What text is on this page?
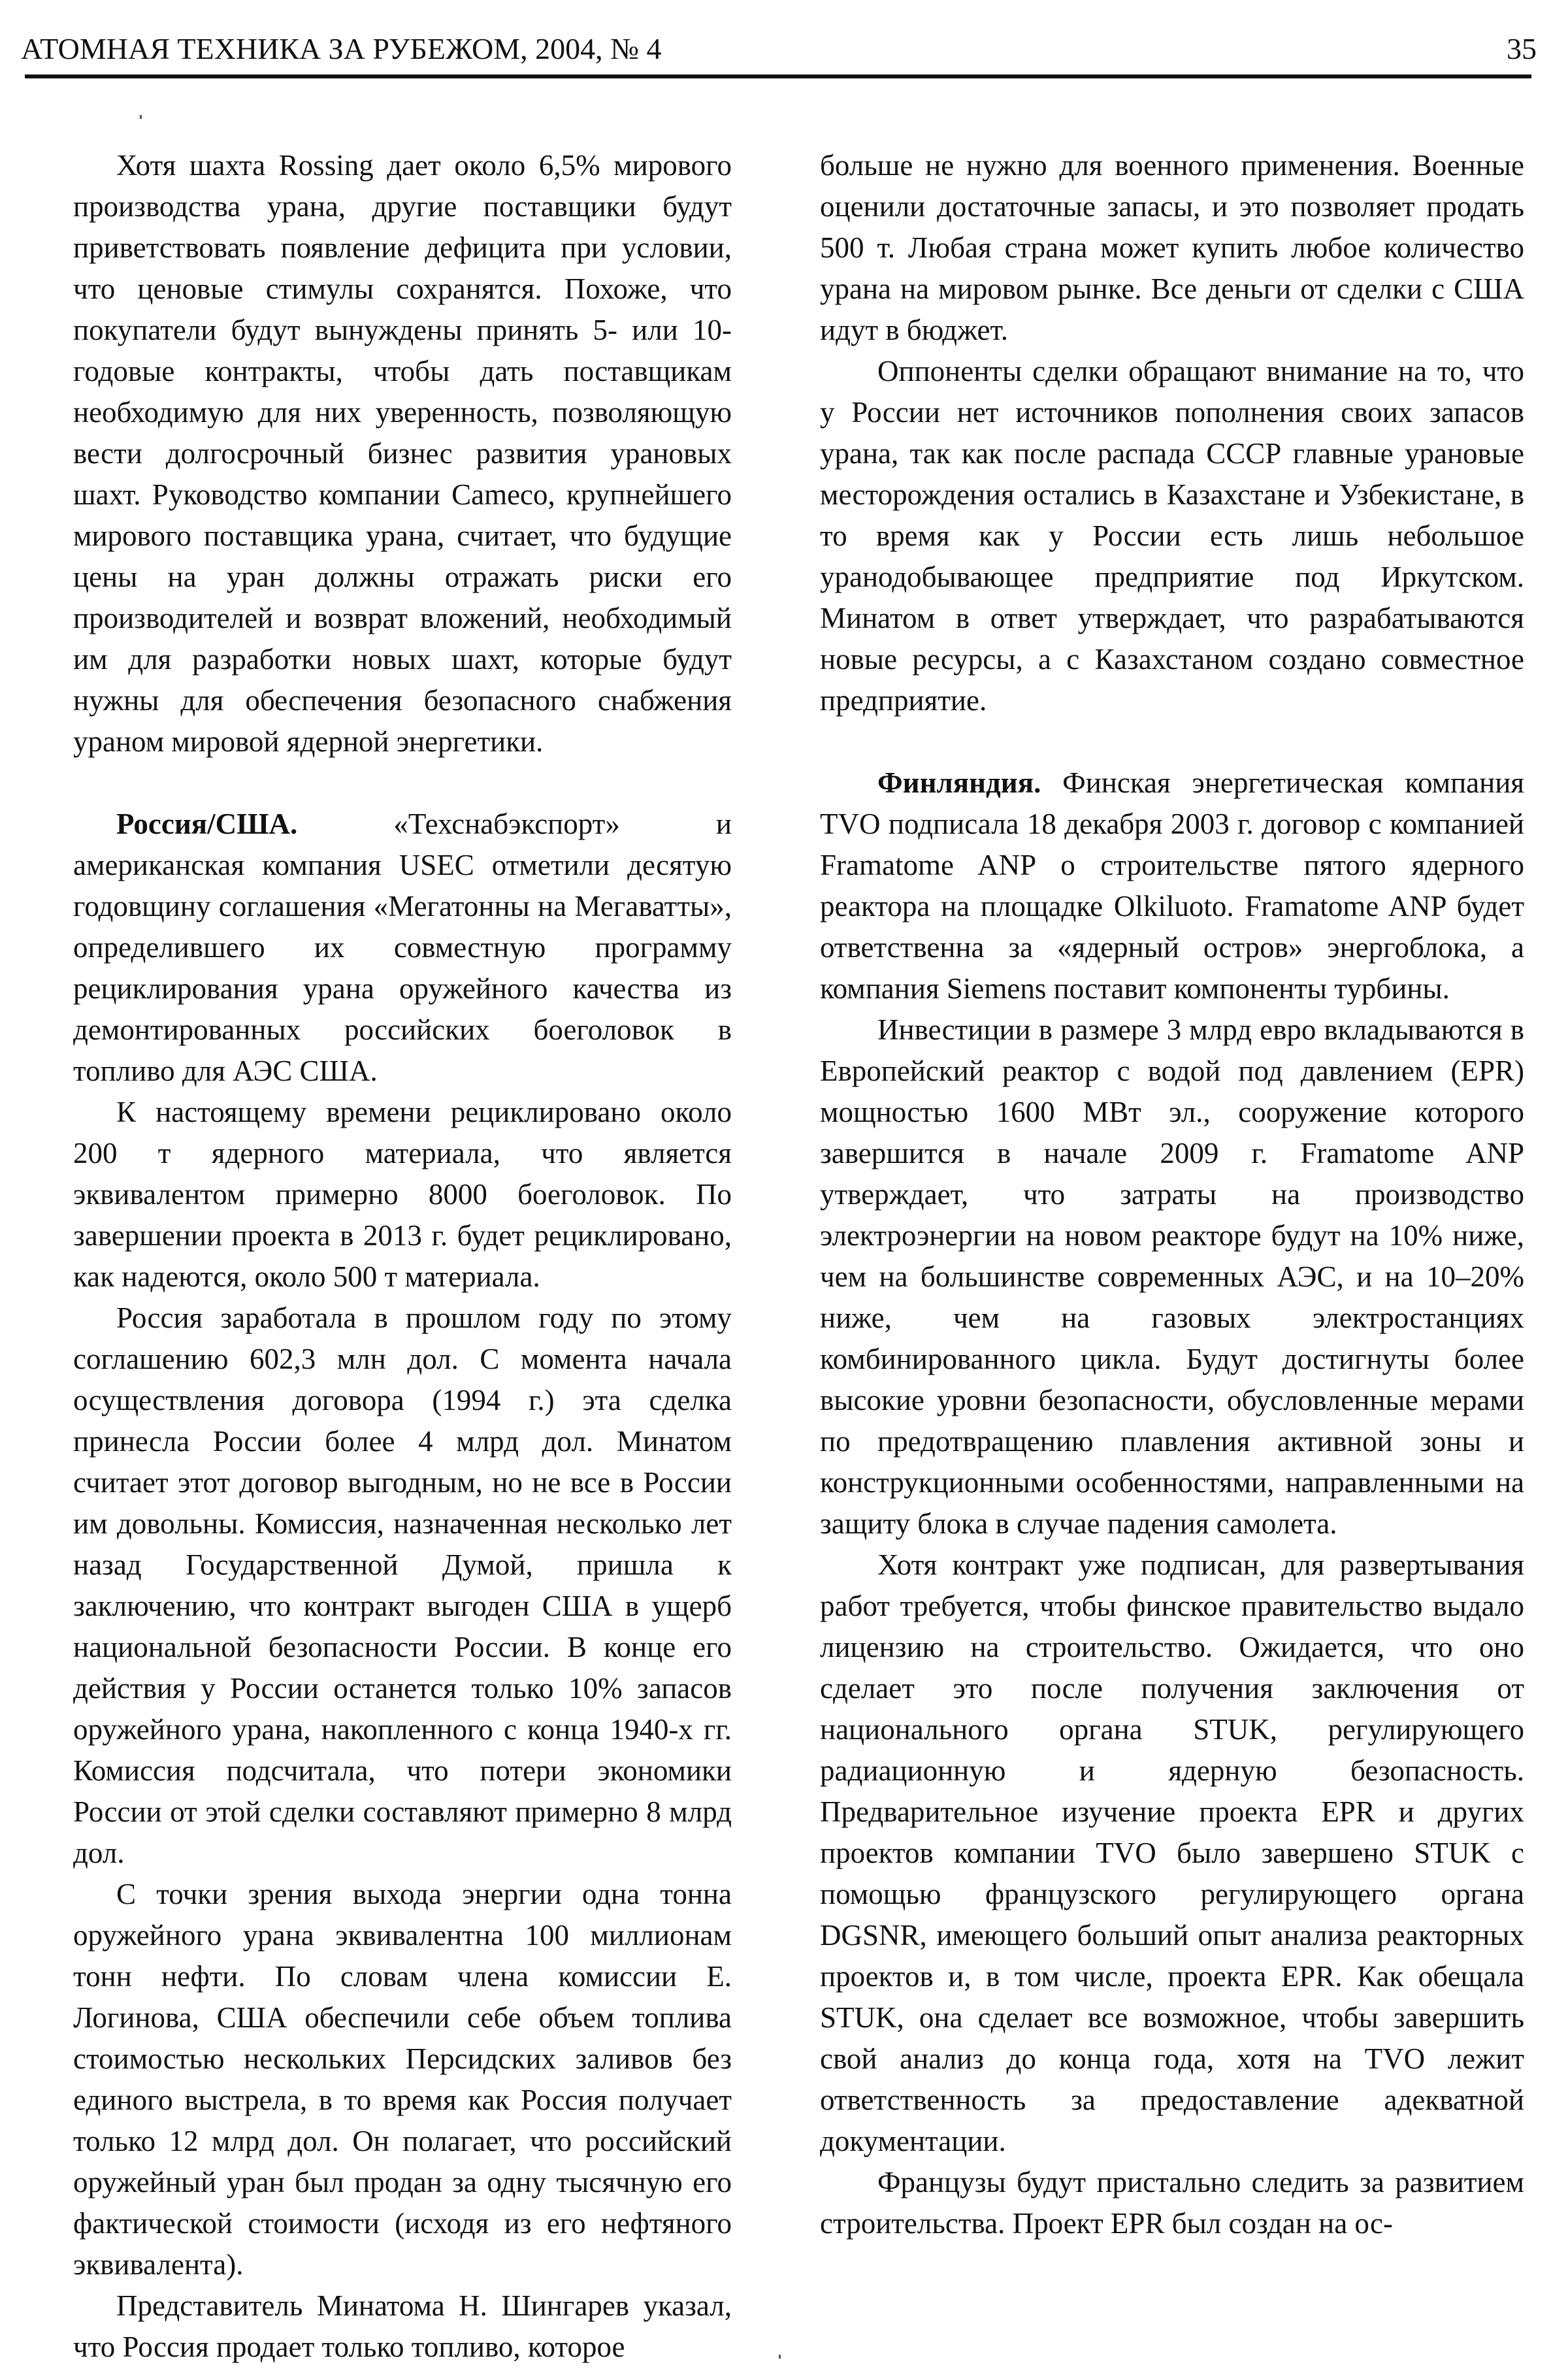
АТОМНАЯ ТЕХНИКА ЗА РУБЕЖОМ, 2004, № 4	35

Хотя шахта Rossing дает около 6,5% мирового производства урана, другие поставщики будут приветствовать появление дефицита при условии, что ценовые стимулы сохранятся. Похоже, что покупатели будут вынуждены принять 5- или 10-годовые контракты, чтобы дать поставщикам необходимую для них уверенность, позволяющую вести долгосрочный бизнес развития урановых шахт. Руководство компании Cameco, крупнейшего мирового поставщика урана, считает, что будущие цены на уран должны отражать риски его производителей и возврат вложений, необходимый им для разработки новых шахт, которые будут нужны для обеспечения безопасного снабжения ураном мировой ядерной энергетики.

Россия/США. «Техснабэкспорт» и американская компания USEC отметили десятую годовщину соглашения «Мегатонны на Мегаватты», определившего их совместную программу рециклирования урана оружейного качества из демонтированных российских боеголовок в топливо для АЭС США.

К настоящему времени рециклировано около 200 т ядерного материала, что является эквивалентом примерно 8000 боеголовок. По завершении проекта в 2013 г. будет рециклировано, как надеются, около 500 т материала.

Россия заработала в прошлом году по этому соглашению 602,3 млн дол. С момента начала осуществления договора (1994 г.) эта сделка принесла России более 4 млрд дол. Минатом считает этот договор выгодным, но не все в России им довольны. Комиссия, назначенная несколько лет назад Государственной Думой, пришла к заключению, что контракт выгоден США в ущерб национальной безопасности России. В конце его действия у России останется только 10% запасов оружейного урана, накопленного с конца 1940-х гг. Комиссия подсчитала, что потери экономики России от этой сделки составляют примерно 8 млрд дол.

С точки зрения выхода энергии одна тонна оружейного урана эквивалентна 100 миллионам тонн нефти. По словам члена комиссии Е. Логинова, США обеспечили себе объем топлива стоимостью нескольких Персидских заливов без единого выстрела, в то время как Россия получает только 12 млрд дол. Он полагает, что российский оружейный уран был продан за одну тысячную его фактической стоимости (исходя из его нефтяного эквивалента).

Представитель Минатома Н. Шингарев указал, что Россия продает только топливо, которое

больше не нужно для военного применения. Военные оценили достаточные запасы, и это позволяет продать 500 т. Любая страна может купить любое количество урана на мировом рынке. Все деньги от сделки с США идут в бюджет.

Оппоненты сделки обращают внимание на то, что у России нет источников пополнения своих запасов урана, так как после распада СССР главные урановые месторождения остались в Казахстане и Узбекистане, в то время как у России есть лишь небольшое уранодобывающее предприятие под Иркутском. Минатом в ответ утверждает, что разрабатываются новые ресурсы, а с Казахстаном создано совместное предприятие.

Финляндия. Финская энергетическая компания TVO подписала 18 декабря 2003 г. договор с компанией Framatome ANP о строительстве пятого ядерного реактора на площадке Olkiluoto. Framatome ANP будет ответственна за «ядерный остров» энергоблока, а компания Siemens поставит компоненты турбины.

Инвестиции в размере 3 млрд евро вкладываются в Европейский реактор с водой под давлением (EPR) мощностью 1600 МВт эл., сооружение которого завершится в начале 2009 г. Framatome ANP утверждает, что затраты на производство электроэнергии на новом реакторе будут на 10% ниже, чем на большинстве современных АЭС, и на 10–20% ниже, чем на газовых электростанциях комбинированного цикла. Будут достигнуты более высокие уровни безопасности, обусловленные мерами по предотвращению плавления активной зоны и конструкционными особенностями, направленными на защиту блока в случае падения самолета.

Хотя контракт уже подписан, для развертывания работ требуется, чтобы финское правительство выдало лицензию на строительство. Ожидается, что оно сделает это после получения заключения от национального органа STUK, регулирующего радиационную и ядерную безопасность. Предварительное изучение проекта EPR и других проектов компании TVO было завершено STUK с помощью французского регулирующего органа DGSNR, имеющего больший опыт анализа реакторных проектов и, в том числе, проекта EPR. Как обещала STUK, она сделает все возможное, чтобы завершить свой анализ до конца года, хотя на TVO лежит ответственность за предоставление адекватной документации.

Французы будут пристально следить за развитием строительства. Проект EPR был создан на ос-
